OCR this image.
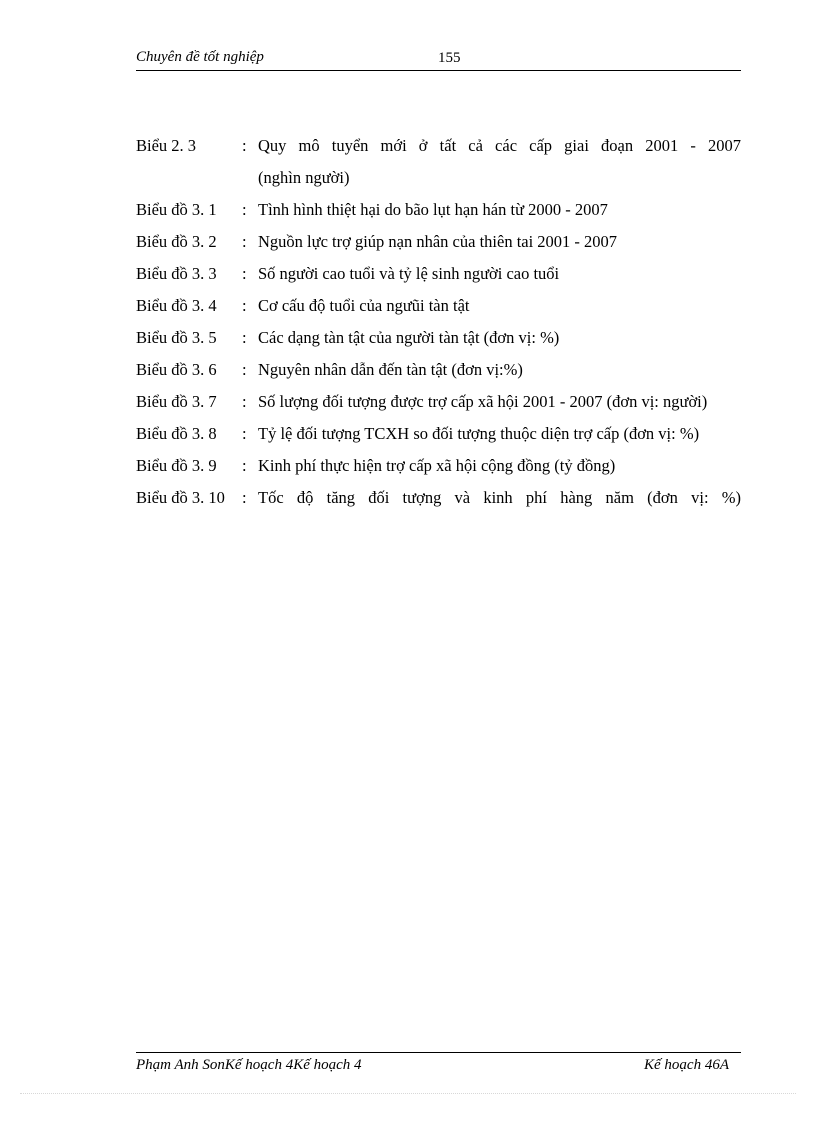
Chuyên đề tốt nghiệp	155
Biểu 2. 3	: Quy mô tuyển mới ở tất cả các cấp giai đoạn 2001 - 2007
(nghìn người)
Biểu đồ 3. 1	: Tình hình thiệt hại do bão lụt hạn hán từ 2000 - 2007
Biểu đồ 3. 2	: Nguồn lực trợ giúp nạn nhân của thiên tai 2001 - 2007
Biểu đồ 3. 3	: Số người cao tuổi và tỷ lệ sinh người cao tuổi
Biểu đồ 3. 4	: Cơ cấu độ tuổi của ngưũi tàn tật
Biểu đồ 3. 5	: Các dạng tàn tật của người tàn tật (đơn vị: %)
Biểu đồ 3. 6	: Nguyên nhân dẫn đến tàn tật (đơn vị:%)
Biểu đồ 3. 7	: Số lượng đối tượng được trợ cấp xã hội 2001 - 2007 (đơn vị: người)
Biểu đồ 3. 8	: Tỷ lệ đối tượng TCXH so đối tượng thuộc diện trợ cấp (đơn vị: %)
Biểu đồ 3. 9	: Kinh phí thực hiện trợ cấp xã hội cộng đồng (tỷ đồng)
Biểu đồ 3. 10	: Tốc độ tăng đối tượng và kinh phí hàng năm (đơn vị: %)
Phạm Anh SonKế hoạch 4Kế hoạch 4	Kế hoạch 46A
